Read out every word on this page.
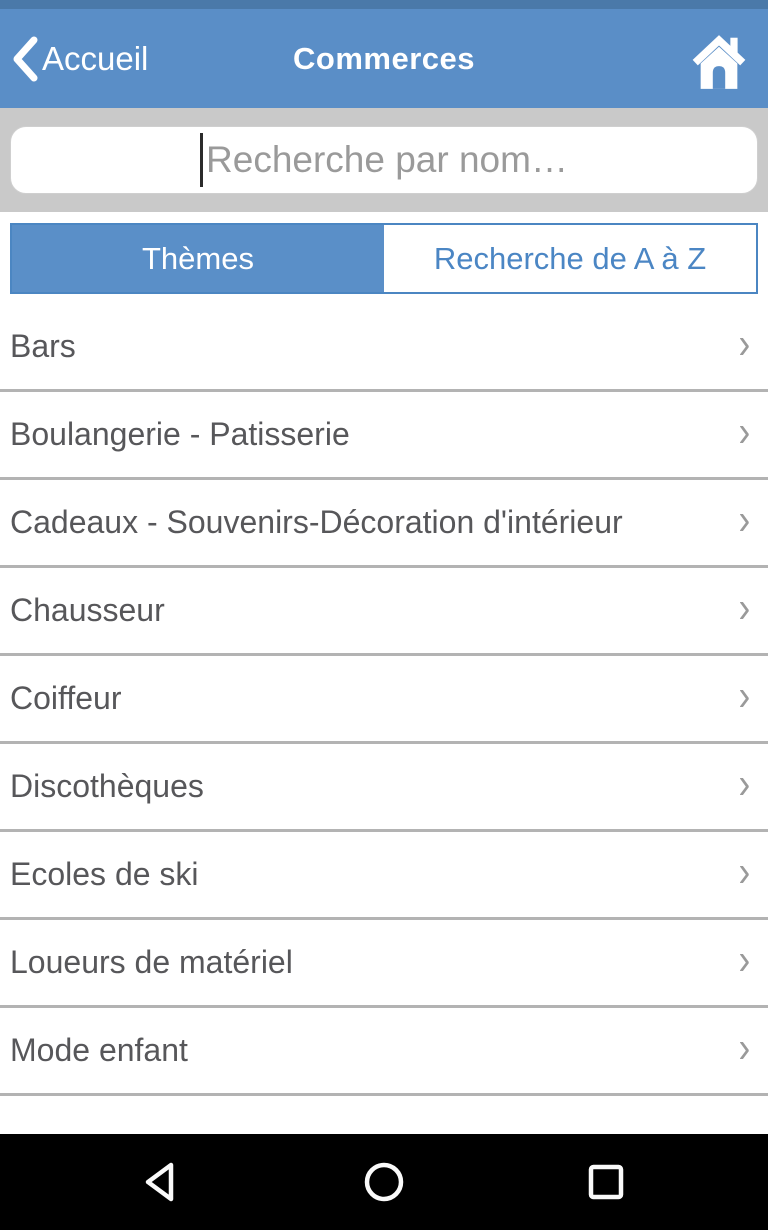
Accueil	Commerces
Recherche par nom…
Thèmes	Recherche de A à Z
Bars	›
Boulangerie - Patisserie	›
Cadeaux - Souvenirs-Décoration d'intérieur	›
Chausseur	›
Coiffeur	›
Discothèques	›
Ecoles de ski	›
Loueurs de matériel	›
Mode enfant	›
